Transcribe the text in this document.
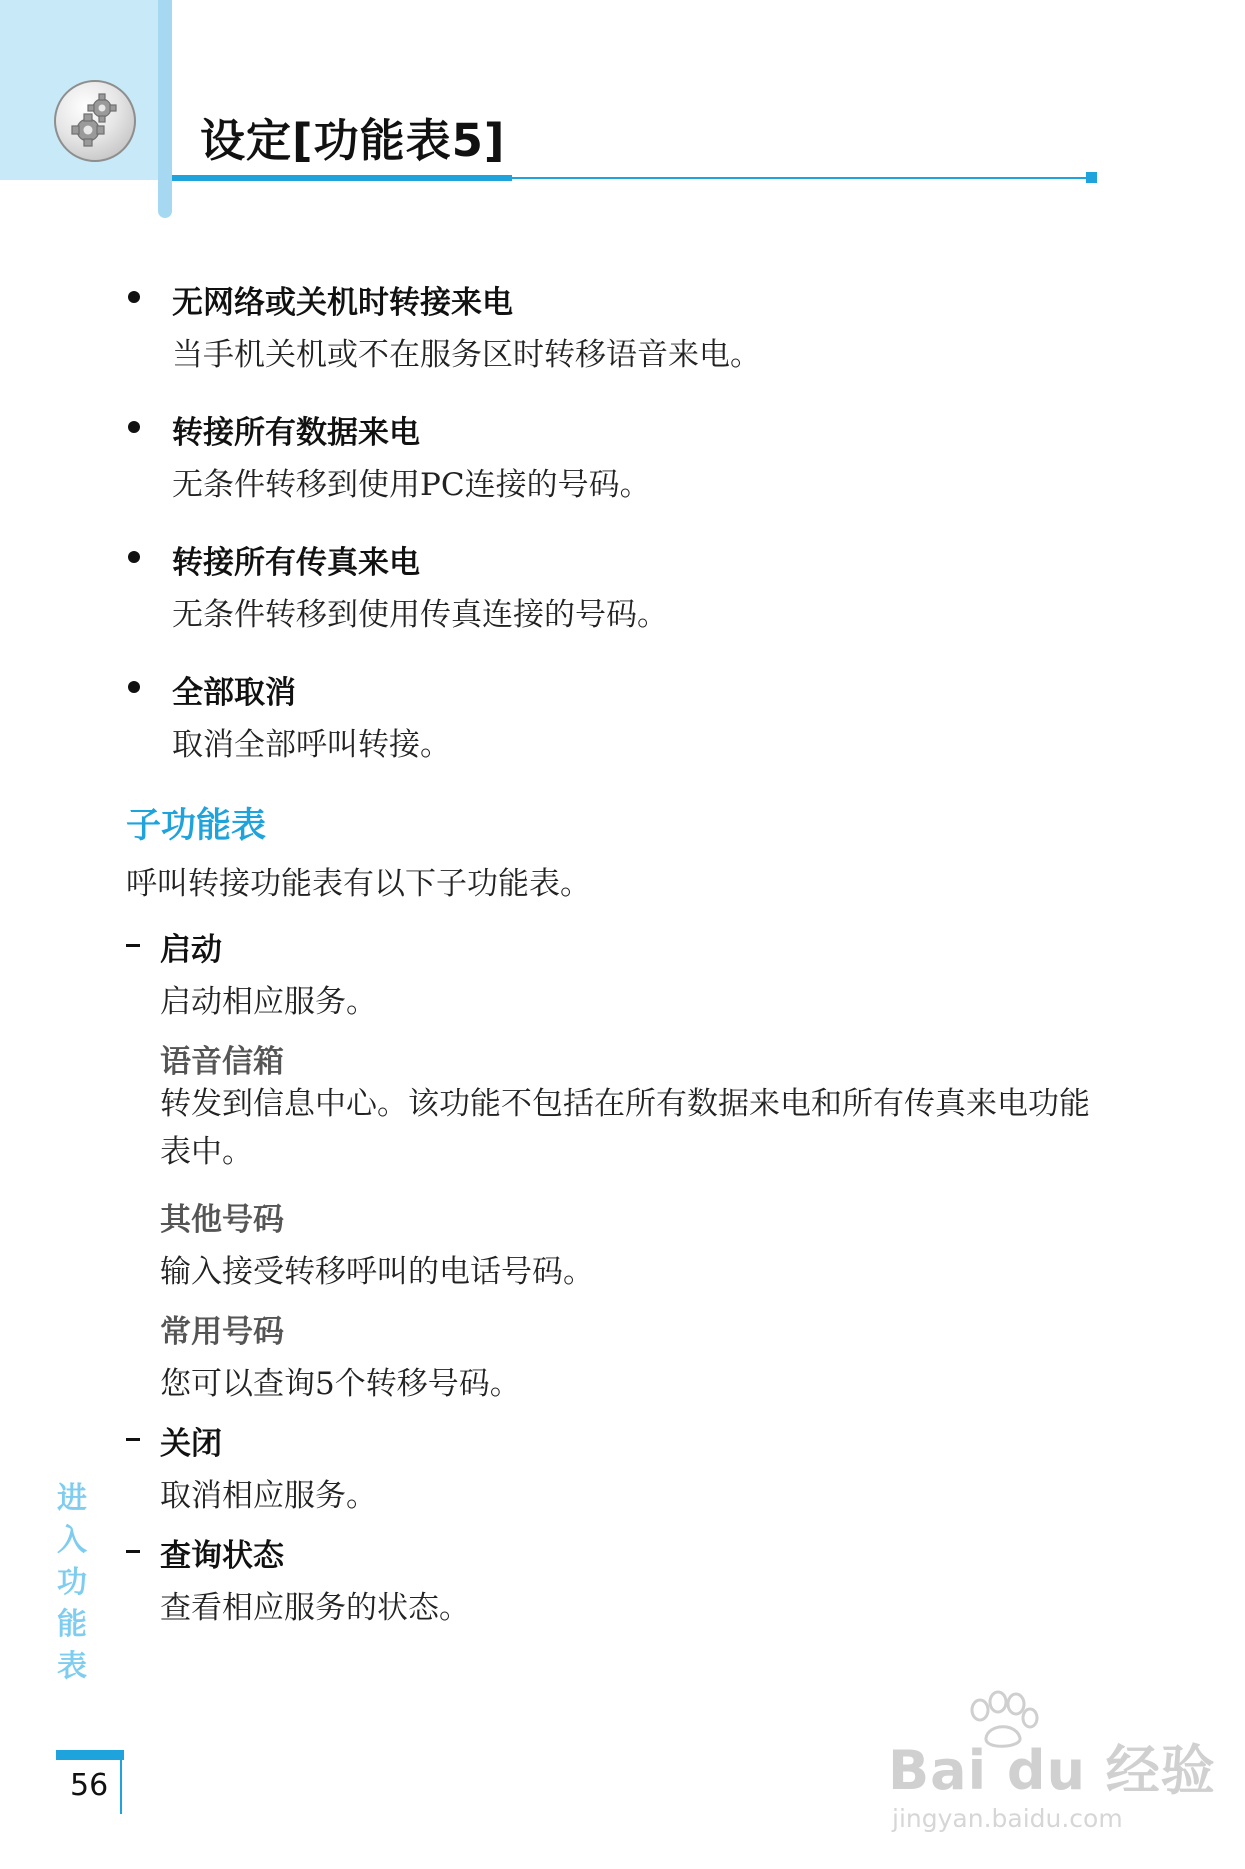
设定[功能表5]
无网络或关机时转接来电
当手机关机或不在服务区时转移语音来电。
转接所有数据来电
无条件转移到使用PC连接的号码。
转接所有传真来电
无条件转移到使用传真连接的号码。
全部取消
取消全部呼叫转接。
子功能表
呼叫转接功能表有以下子功能表。
启动
启动相应服务。
语音信箱
转发到信息中心。该功能不包括在所有数据来电和所有传真来电功能表中。
其他号码
输入接受转移呼叫的电话号码。
常用号码
您可以查询5个转移号码。
关闭
取消相应服务。
查询状态
查看相应服务的状态。
进
入
功
能
表
56	Bai du 经验
jingyan.baidu.com
